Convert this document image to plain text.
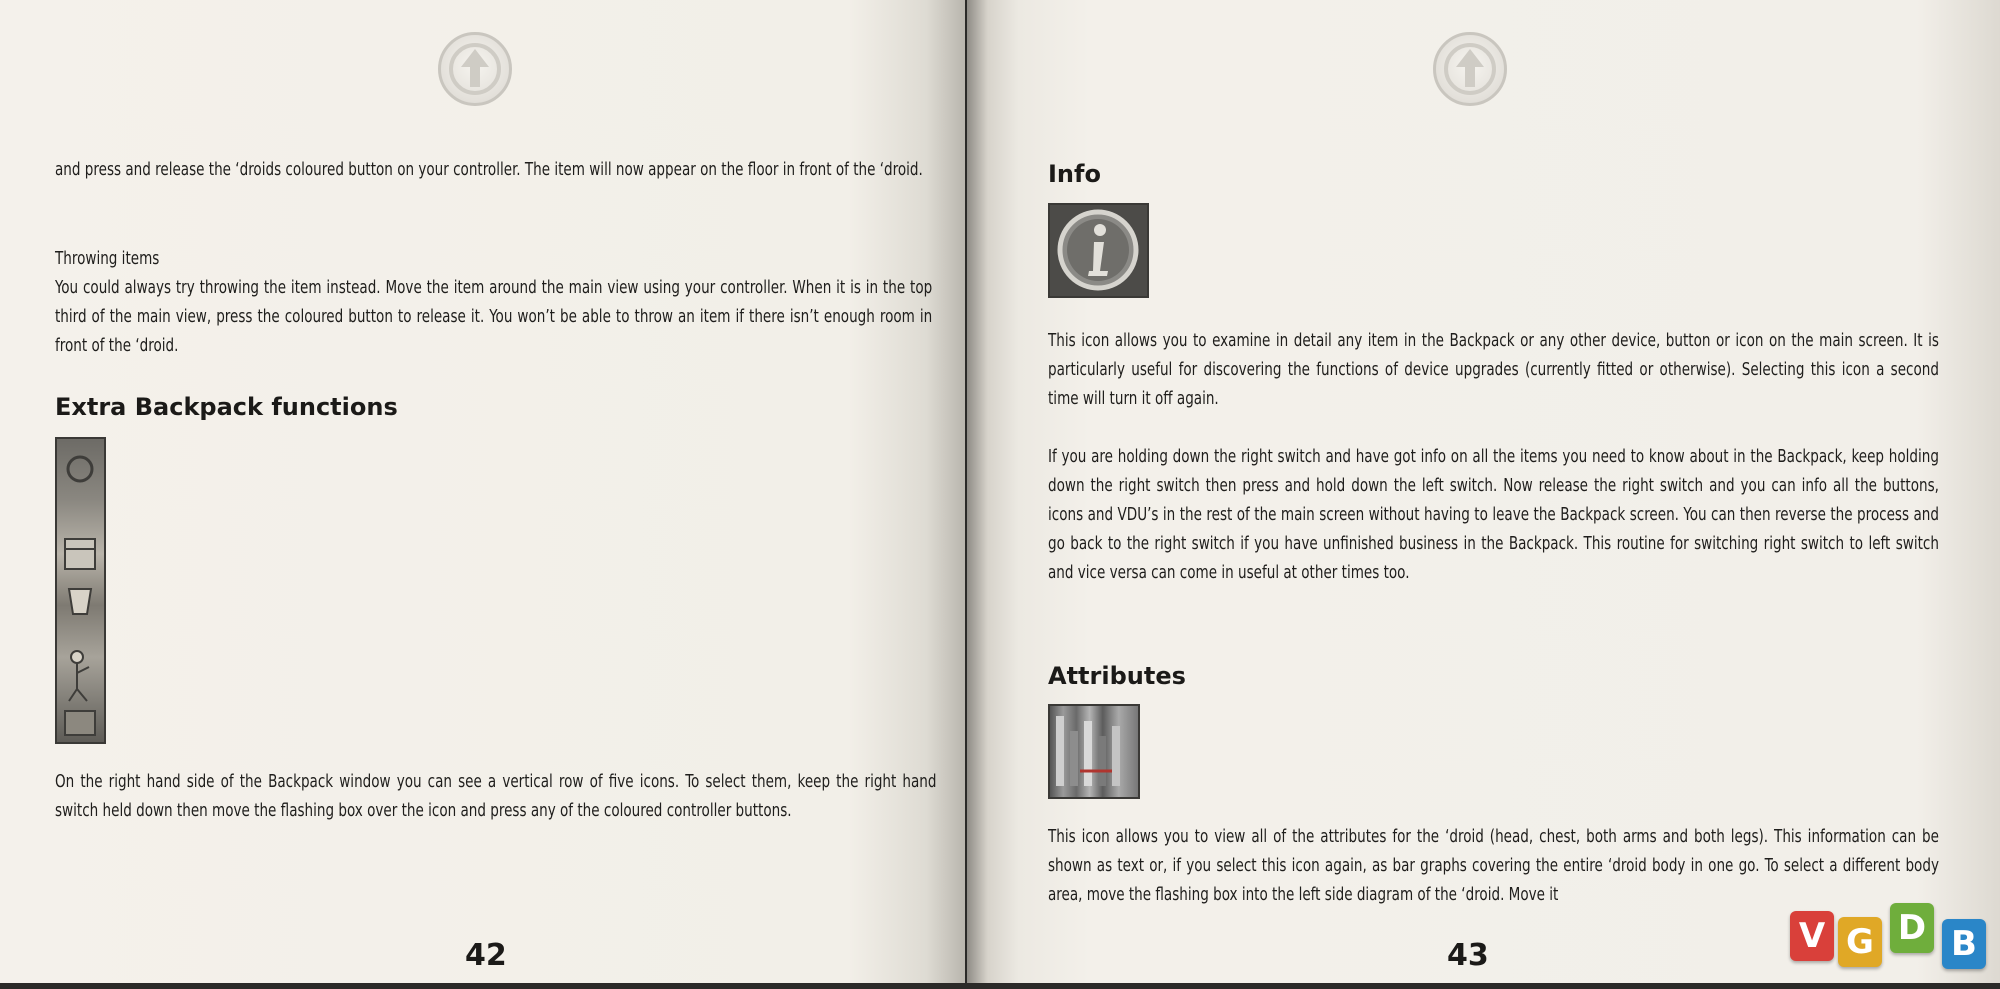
and press and release the ‘droids coloured button on your controller. The item will now appear on the floor in front of the ‘droid.

Throwing items

You could always try throwing the item instead. Move the item around the main view using your controller. When it is in the top third of the main view, press the coloured button to release it. You won’t be able to throw an item if there isn’t enough room in front of the ‘droid.

Extra Backpack functions

On the right hand side of the Backpack window you can see a vertical row of five icons. To select them, keep the right hand switch held down then move the flashing box over the icon and press any of the coloured controller buttons.

42
Info

This icon allows you to examine in detail any item in the Backpack or any other device, button or icon on the main screen. It is particularly useful for discovering the functions of device upgrades (currently fitted or otherwise). Selecting this icon a second time will turn it off again.

If you are holding down the right switch and have got info on all the items you need to know about in the Backpack, keep holding down the right switch then press and hold down the left switch. Now release the right switch and you can info all the buttons, icons and VDU’s in the rest of the main screen without having to leave the Backpack screen. You can then reverse the process and go back to the right switch if you have unfinished business in the Backpack. This routine for switching right switch to left switch and vice versa can come in useful at other times too.

Attributes

This icon allows you to view all of the attributes for the ‘droid (head, chest, both arms and both legs). This information can be shown as text or, if you select this icon again, as bar graphs covering the entire ‘droid body in one go. To select a different body area, move the flashing box into the left side diagram of the ‘droid. Move it

43	V G D B
